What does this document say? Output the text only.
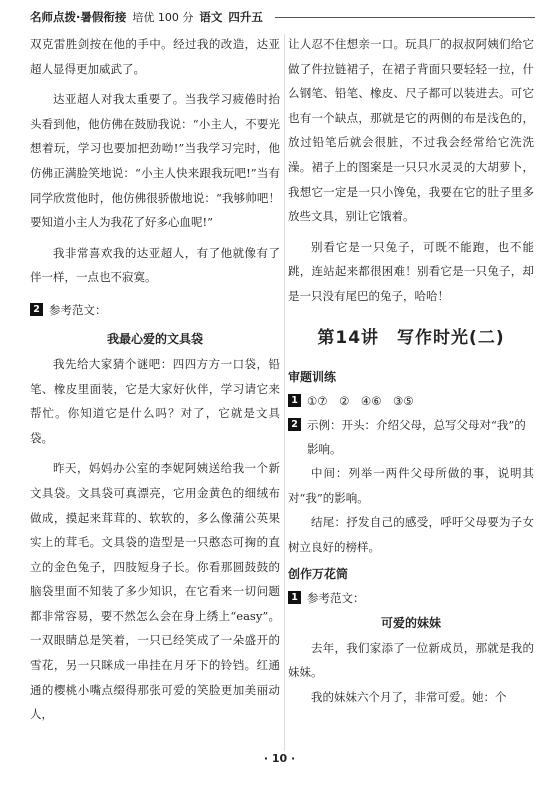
名师点拨·暑假衔接 培优 100 分 语文 四升五

双克雷胜剑按在他的手中。经过我的改造，达亚超人显得更加威武了。

达亚超人对我太重要了。当我学习疲倦时抬头看到他，他仿佛在鼓励我说：“小主人，不要光想着玩，学习也要加把劲呦!”当我学习完时，他仿佛正满脸笑地说：“小主人快来跟我玩吧!”当有同学欣赏他时，他仿佛很骄傲地说：“我够帅吧！要知道小主人为我花了好多心血呢!”

我非常喜欢我的达亚超人，有了他就像有了伴一样，一点也不寂寞。

2 参考范文：
我最心爱的文具袋

我先给大家猜个谜吧：四四方方一口袋，铅笔、橡皮里面装，它是大家好伙伴，学习请它来帮忙。你知道它是什么吗？对了，它就是文具袋。

昨天，妈妈办公室的李妮阿姨送给我一个新文具袋。文具袋可真漂亮，它用金黄色的细绒布做成，摸起来茸茸的、软软的，多么像蒲公英果实上的茸毛。文具袋的造型是一只憨态可掬的直立的金色兔子，四肢短身子长。你看那圆鼓鼓的脑袋里面不知装了多少知识，在它看来一切问题都非常容易，要不然怎么会在身上绣上“easy”。一双眼睛总是笑着，一只已经笑成了一朵盛开的雪花，另一只眯成一串挂在月牙下的铃铛。红通通的樱桃小嘴点缀得那张可爱的笑脸更加美丽动人，

让人忍不住想亲一口。玩具厂的叔叔阿姨们给它做了件拉链裙子，在裙子背面只要轻轻一拉，什么钢笔、铅笔、橡皮、尺子都可以装进去。可它也有一个缺点，那就是它的两侧的布是浅色的，放过铅笔后就会很脏，不过我会经常给它洗洗澡。裙子上的图案是一只只水灵灵的大胡萝卜，我想它一定是一只小馋兔，我要在它的肚子里多放些文具，别让它饿着。

别看它是一只兔子，可既不能跑，也不能跳，连站起来都很困难！别看它是一只兔子，却是一只没有尾巴的兔子，哈哈！

第14讲　写作时光(二)
审题训练
1 ①⑦　②　④⑥　③⑤
2 示例：开头：介绍父母，总写父母对“我”的
影响。

中间：列举一两件父母所做的事，说明其对“我”的影响。

结尾：抒发自己的感受，呼吁父母要为子女树立良好的榜样。

创作万花筒
1 参考范文：
可爱的妹妹

去年，我们家添了一位新成员，那就是我的妹妹。

我的妹妹六个月了，非常可爱。她：个

· 10 ·
